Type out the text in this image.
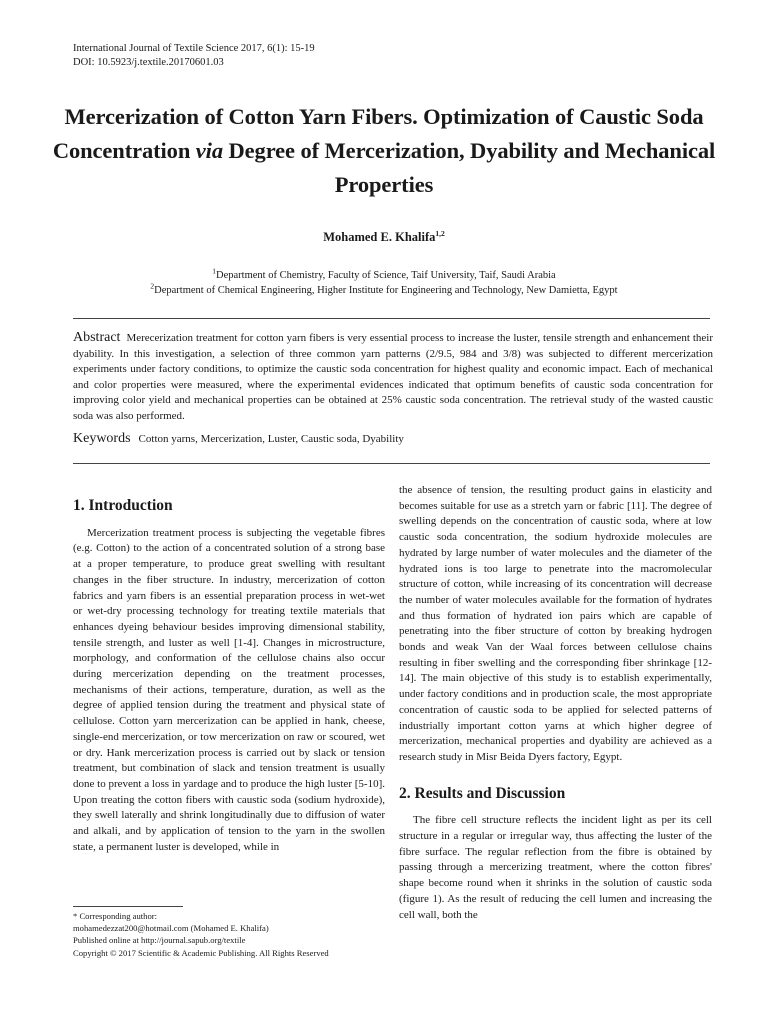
International Journal of Textile Science 2017, 6(1): 15-19
DOI: 10.5923/j.textile.20170601.03
Mercerization of Cotton Yarn Fibers. Optimization of Caustic Soda Concentration via Degree of Mercerization, Dyability and Mechanical Properties
Mohamed E. Khalifa$^{1,2}$
$^1$Department of Chemistry, Faculty of Science, Taif University, Taif, Saudi Arabia
$^2$Department of Chemical Engineering, Higher Institute for Engineering and Technology, New Damietta, Egypt
Abstract Merecerization treatment for cotton yarn fibers is very essential process to increase the luster, tensile strength and enhancement their dyability. In this investigation, a selection of three common yarn patterns (2/9.5, 984 and 3/8) was subjected to different mercerization experiments under factory conditions, to optimize the caustic soda concentration for highest quality and economic impact. Each of mechanical and color properties were measured, where the experimental evidences indicated that optimum benefits of caustic soda concentration for improving color yield and mechanical properties can be obtained at 25% caustic soda concentration. The retrieval study of the wasted caustic soda was also performed.
Keywords Cotton yarns, Mercerization, Luster, Caustic soda, Dyability
1. Introduction

Mercerization treatment process is subjecting the vegetable fibres (e.g. Cotton) to the action of a concentrated solution of a strong base at a proper temperature, to produce great swelling with resultant changes in the fiber structure. In industry, mercerization of cotton fabrics and yarn fibers is an essential preparation process in wet-wet or wet-dry processing technology for treating textile materials that enhances dyeing behaviour besides improving dimensional stability, tensile strength, and luster as well [1-4]. Changes in microstructure, morphology, and conformation of the cellulose chains also occur during mercerization depending on the treatment processes, mechanisms of their actions, temperature, duration, as well as the degree of applied tension during the treatment and physical state of cellulose. Cotton yarn mercerization can be applied in hank, cheese, single-end mercerization, or tow mercerization on raw or scoured, wet or dry. Hank mercerization process is carried out by slack or tension treatment, but combination of slack and tension treatment is usually done to prevent a loss in yardage and to produce the high luster [5-10]. Upon treating the cotton fibers with caustic soda (sodium hydroxide), they swell laterally and shrink longitudinally due to diffusion of water and alkali, and by application of tension to the yarn in the swollen state, a permanent luster is developed, while in

the absence of tension, the resulting product gains in elasticity and becomes suitable for use as a stretch yarn or fabric [11]. The degree of swelling depends on the concentration of caustic soda, where at low caustic soda concentration, the sodium hydroxide molecules are hydrated by large number of water molecules and the diameter of the hydrated ions is too large to penetrate into the macromolecular structure of cotton, while increasing of its concentration will decrease the number of water molecules available for the formation of hydrates and thus formation of hydrated ion pairs which are capable of penetrating into the fiber structure of cotton by breaking hydrogen bonds and weak Van der Waal forces between cellulose chains resulting in fiber swelling and the corresponding fiber shrinkage [12-14]. The main objective of this study is to establish experimentally, under factory conditions and in production scale, the most appropriate concentration of caustic soda to be applied for selected patterns of industrially important cotton yarns at which higher degree of mercerization, mechanical properties and dyability are achieved as a research study in Misr Beida Dyers factory, Egypt.

2. Results and Discussion

The fibre cell structure reflects the incident light as per its cell structure in a regular or irregular way, thus affecting the luster of the fibre surface. The regular reflection from the fibre is obtained by passing through a mercerizing treatment, where the cotton fibres' shape become round when it shrinks in the solution of caustic soda (figure 1). As the result of reducing the cell lumen and increasing the cell wall, both the

* Corresponding author:
mohamedezzat200@hotmail.com (Mohamed E. Khalifa)
Published online at http://journal.sapub.org/textile
Copyright © 2017 Scientific & Academic Publishing. All Rights Reserved
